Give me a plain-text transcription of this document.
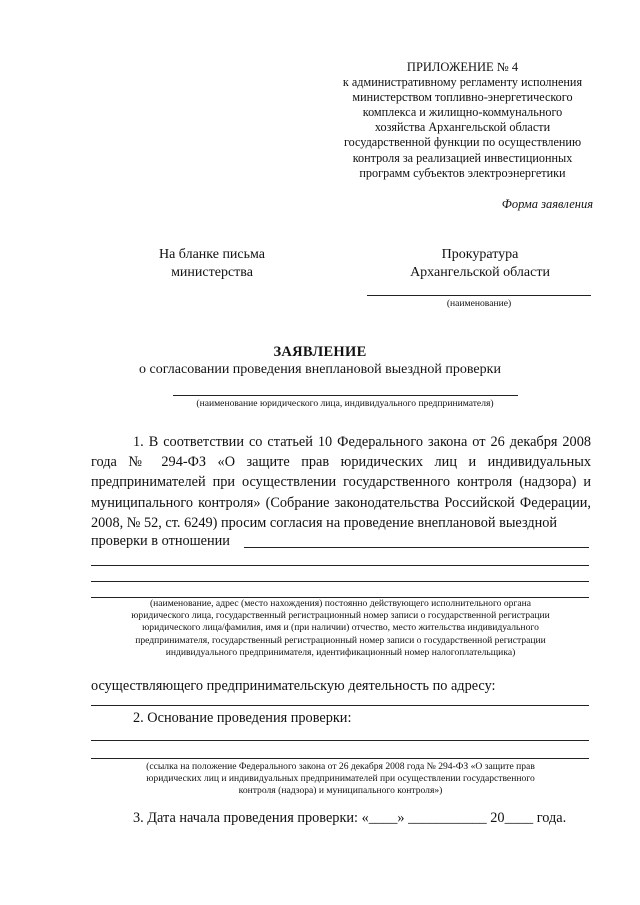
ПРИЛОЖЕНИЕ № 4
к административному регламенту исполнения
министерством топливно-энергетического
комплекса и жилищно-коммунального
хозяйства Архангельской области
государственной функции по осуществлению
контроля за реализацией инвестиционных
программ субъектов электроэнергетики
Форма заявления
На бланке письма
министерства
Прокуратура
Архангельской области
(наименование)
ЗАЯВЛЕНИЕ
о согласовании проведения внеплановой выездной проверки
(наименование юридического лица, индивидуального предпринимателя)
1. В соответствии со статьей 10 Федерального закона от 26 декабря 2008 года № 294-ФЗ «О защите прав юридических лиц и индивидуальных предпринимателей при осуществлении государственного контроля (надзора) и муниципального контроля» (Собрание законодательства Российской Федерации, 2008, № 52, ст. 6249) просим согласия на проведение внеплановой выездной
проверки в отношении
(наименование, адрес (место нахождения) постоянно действующего исполнительного органа
юридического лица, государственный регистрационный номер записи о государственной регистрации
юридического лица/фамилия, имя и (при наличии) отчество, место жительства индивидуального
предпринимателя, государственный регистрационный номер записи о государственной регистрации
индивидуального предпринимателя, идентификационный номер налогоплательщика)
осуществляющего предпринимательскую деятельность по адресу:
2. Основание проведения проверки:
(ссылка на положение Федерального закона от 26 декабря 2008 года № 294-ФЗ «О защите прав
юридических лиц и индивидуальных предпринимателей при осуществлении государственного
контроля (надзора) и муниципального контроля»)
3. Дата начала проведения проверки: «____» ___________ 20____ года.
